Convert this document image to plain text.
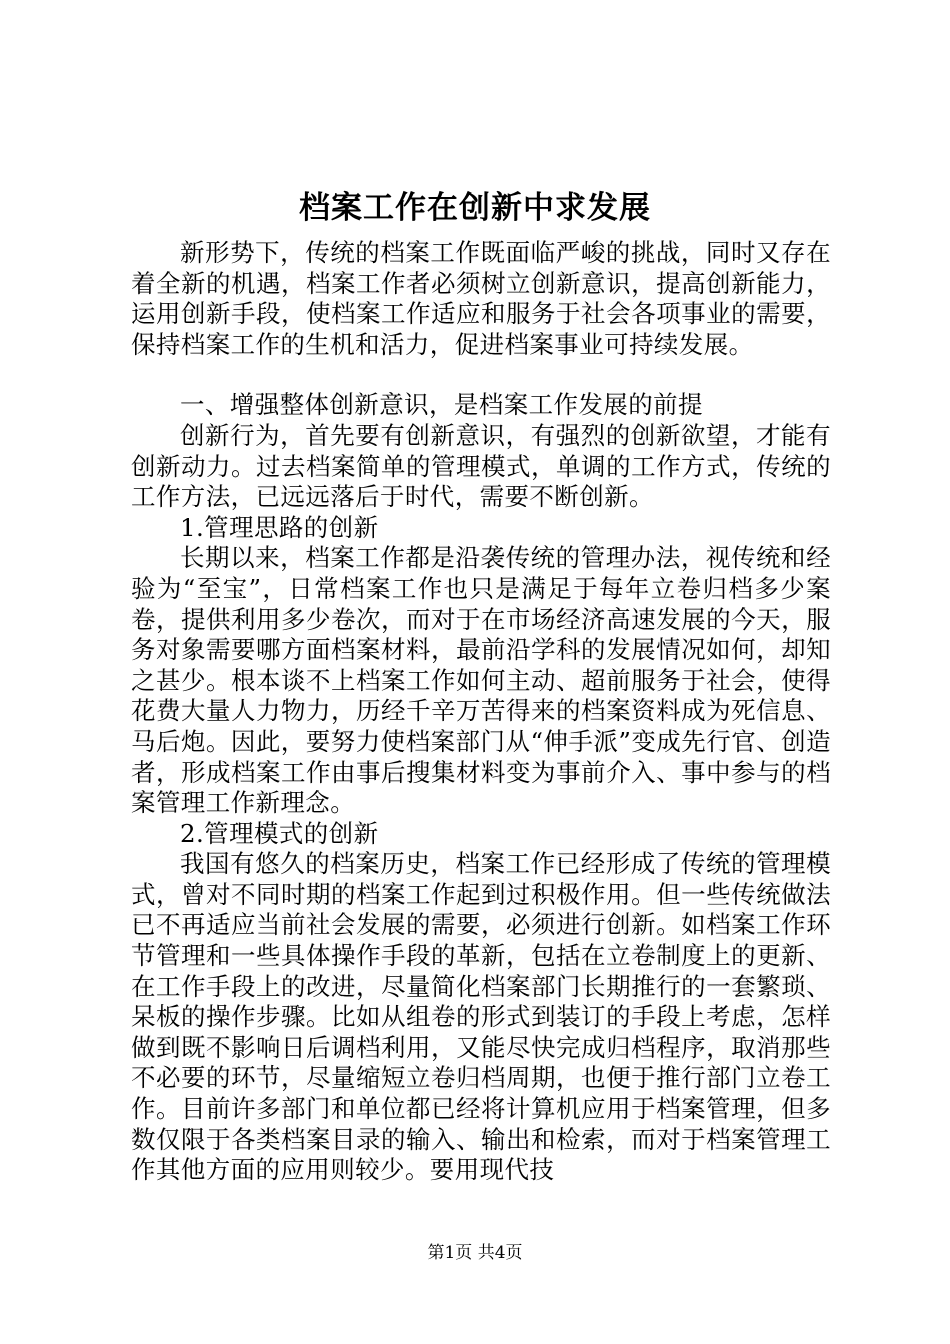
档案工作在创新中求发展

新形势下，传统的档案工作既面临严峻的挑战，同时又存在着全新的机遇，档案工作者必须树立创新意识，提高创新能力，运用创新手段，使档案工作适应和服务于社会各项事业的需要，保持档案工作的生机和活力，促进档案事业可持续发展。

一、增强整体创新意识，是档案工作发展的前提

创新行为，首先要有创新意识，有强烈的创新欲望，才能有创新动力。过去档案简单的管理模式，单调的工作方式，传统的工作方法，已远远落后于时代，需要不断创新。

1.管理思路的创新

长期以来，档案工作都是沿袭传统的管理办法，视传统和经验为“至宝”，日常档案工作也只是满足于每年立卷归档多少案卷，提供利用多少卷次，而对于在市场经济高速发展的今天，服务对象需要哪方面档案材料，最前沿学科的发展情况如何，却知之甚少。根本谈不上档案工作如何主动、超前服务于社会，使得花费大量人力物力，历经千辛万苦得来的档案资料成为死信息、马后炮。因此，要努力使档案部门从“伸手派”变成先行官、创造者，形成档案工作由事后搜集材料变为事前介入、事中参与的档案管理工作新理念。

2.管理模式的创新

我国有悠久的档案历史，档案工作已经形成了传统的管理模式，曾对不同时期的档案工作起到过积极作用。但一些传统做法已不再适应当前社会发展的需要，必须进行创新。如档案工作环节管理和一些具体操作手段的革新，包括在立卷制度上的更新、在工作手段上的改进，尽量简化档案部门长期推行的一套繁琐、呆板的操作步骤。比如从组卷的形式到装订的手段上考虑，怎样做到既不影响日后调档利用，又能尽快完成归档程序，取消那些不必要的环节，尽量缩短立卷归档周期，也便于推行部门立卷工作。目前许多部门和单位都已经将计算机应用于档案管理，但多数仅限于各类档案目录的输入、输出和检索，而对于档案管理工作其他方面的应用则较少。要用现代技

第1页 共4页
